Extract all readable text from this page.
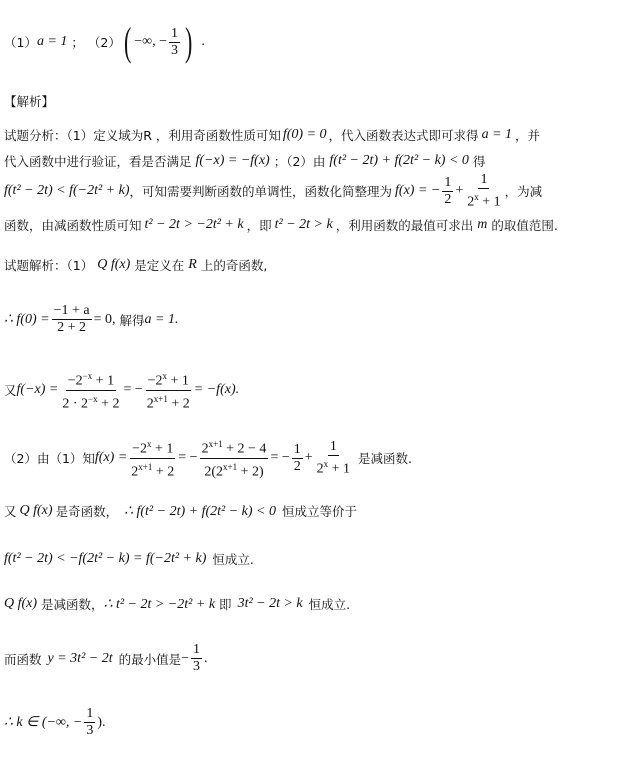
（1） a = 1 ； （2） ( −∞, − $\frac{1}{3}$ ) .
【解析】
试题分析：（1）定义域为R ，利用奇函数性质可知 f(0) = 0 ，代入函数表达式即可求得 a = 1 ，并
代入函数中进行验证，看是否满足 f(−x) = −f(x) ；（2）由 f(t² − 2t) + f(2t² − k) < 0 得
f(t² − 2t) < f(−2t² + k) ，可知需要判断函数的单调性，函数化简整理为 f(x) = − $\frac{1}{2} + \frac{1}{2^x + 1}$ ，为减
函数，由减函数性质可知 t² − 2t > −2t² + k ，即 t² − 2t > k ，利用函数的最值可求出 m 的取值范围.
试题解析：（1） Q f(x) 是定义在 R 上的奇函数,
∴ $f(0) = \frac{-1 + a}{2 + 2} = 0$, 解得 a = 1.
又 $f(-x) = \frac{-2^{-x} + 1}{2 \cdot 2^{-x} + 2}$ = − $\frac{-2^x + 1}{2^{x+1} + 2} = -f(x)$.
（2）由（1）知 $f(x) = \frac{-2^x + 1}{2^{x+1} + 2}$ = − $\frac{2^{x+1} + 2 - 4}{2(2^{x+1} + 2)}$ = − $\frac{1}{2} + \frac{1}{2^x + 1}$ 是减函数.
又 Q f(x) 是奇函数， ∴ f(t² − 2t) + f(2t² − k) < 0 恒成立等价于
f(t² − 2t) < −f(2t² − k) = f(−2t² + k) 恒成立.
Q f(x) 是减函数， ∴ t² − 2t > −2t² + k 即 3t² − 2t > k 恒成立.
而函数 y = 3t² − 2t 的最小值是 − $\frac{1}{3}$ .
∴ k ∈ (−∞, − $\frac{1}{3}$ ).
